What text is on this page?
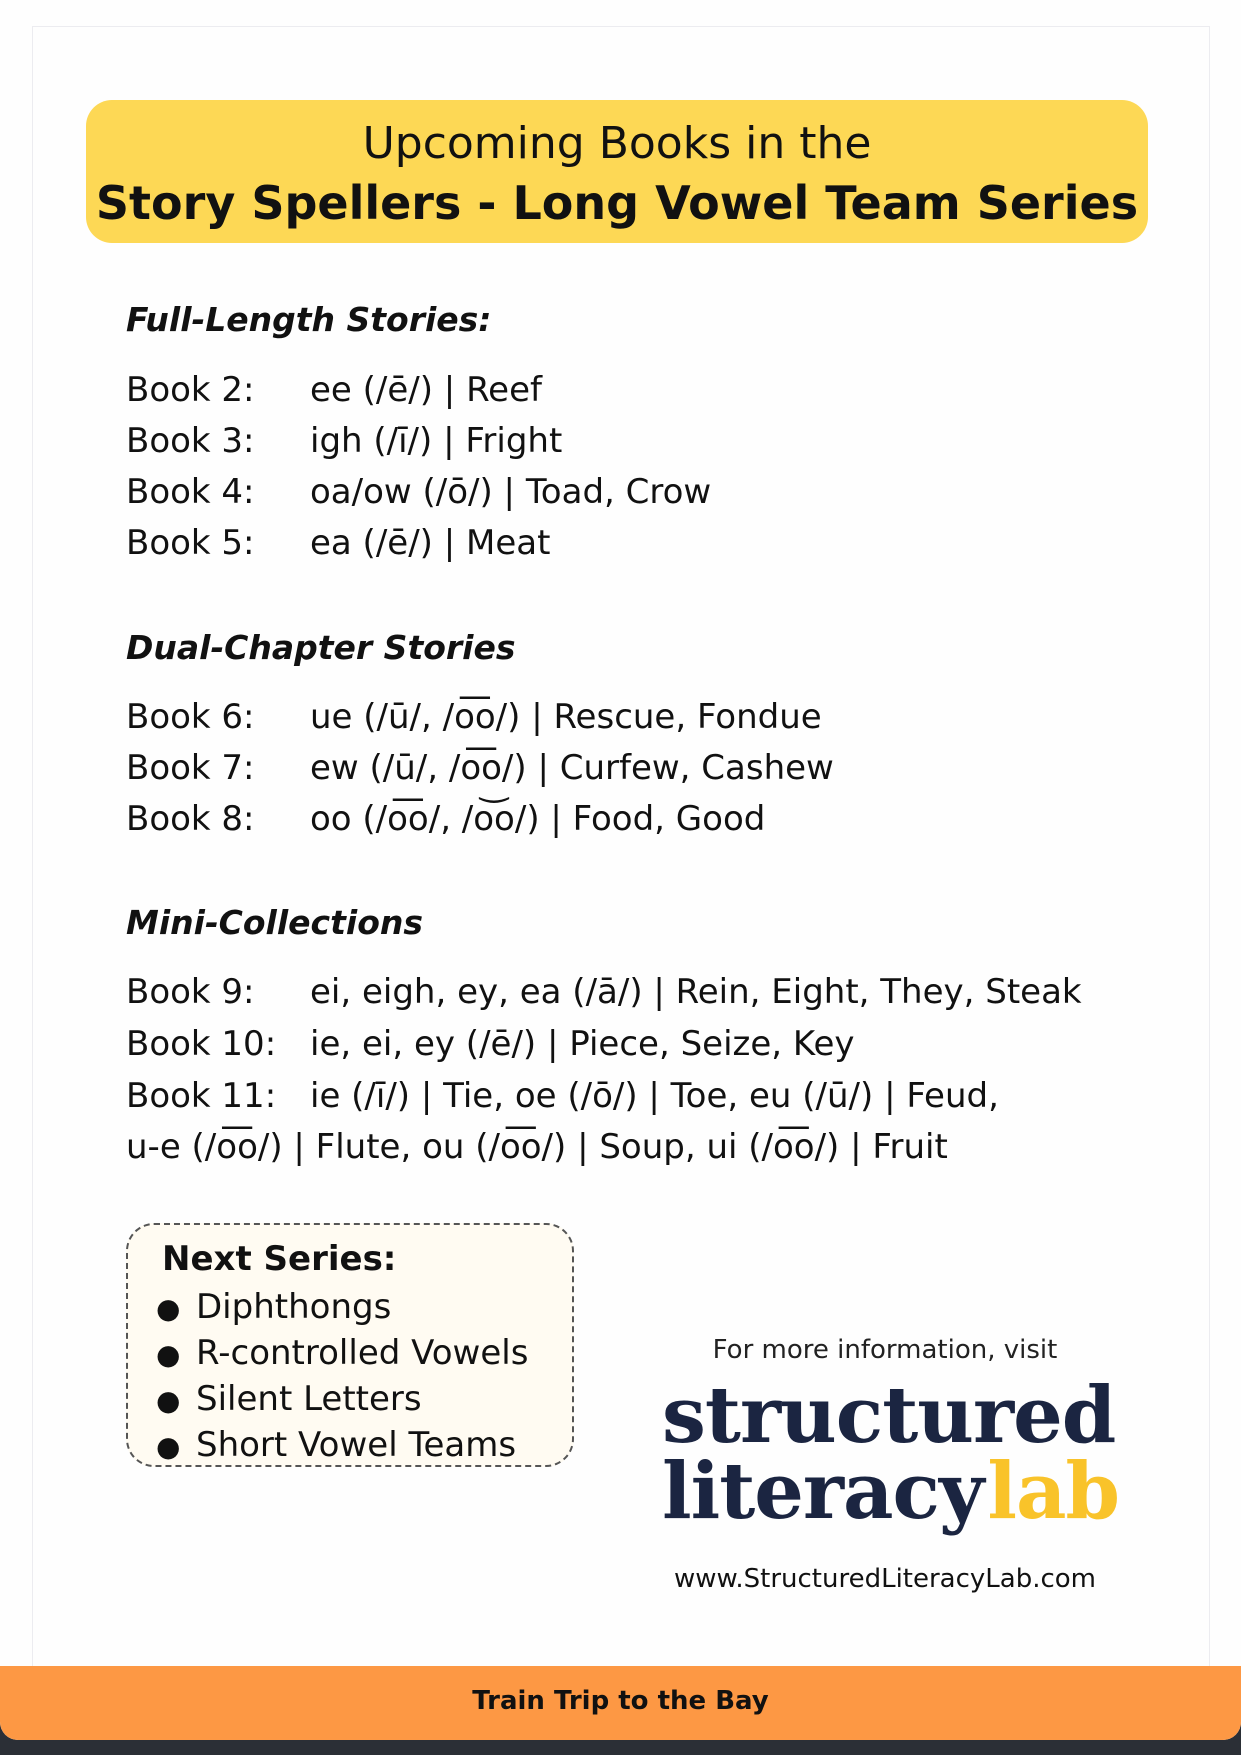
Upcoming Books in the
Story Spellers - Long Vowel Team Series
Full-Length Stories:
Book 2: ee (/ē/) | Reef
Book 3: igh (/ī/) | Fright
Book 4: oa/ow (/ō/) | Toad, Crow
Book 5: ea (/ē/) | Meat
Dual-Chapter Stories
Book 6: ue (/ū/, /o͞o/) | Rescue, Fondue
Book 7: ew (/ū/, /o͞o/) | Curfew, Cashew
Book 8: oo (/o͞o/, /o͝o/) | Food, Good
Mini-Collections
Book 9: ei, eigh, ey, ea (/ā/) | Rein, Eight, They, Steak
Book 10: ie, ei, ey (/ē/) | Piece, Seize, Key
Book 11: ie (/ī/) | Tie, oe (/ō/) | Toe, eu (/ū/) | Feud,
u-e (/o͞o/) | Flute, ou (/o͞o/) | Soup, ui (/o͞o/) | Fruit
Next Series:
● Diphthongs
● R-controlled Vowels
● Silent Letters
● Short Vowel Teams
For more information, visit
structured
literacylab
www.StructuredLiteracyLab.com
Train Trip to the Bay
